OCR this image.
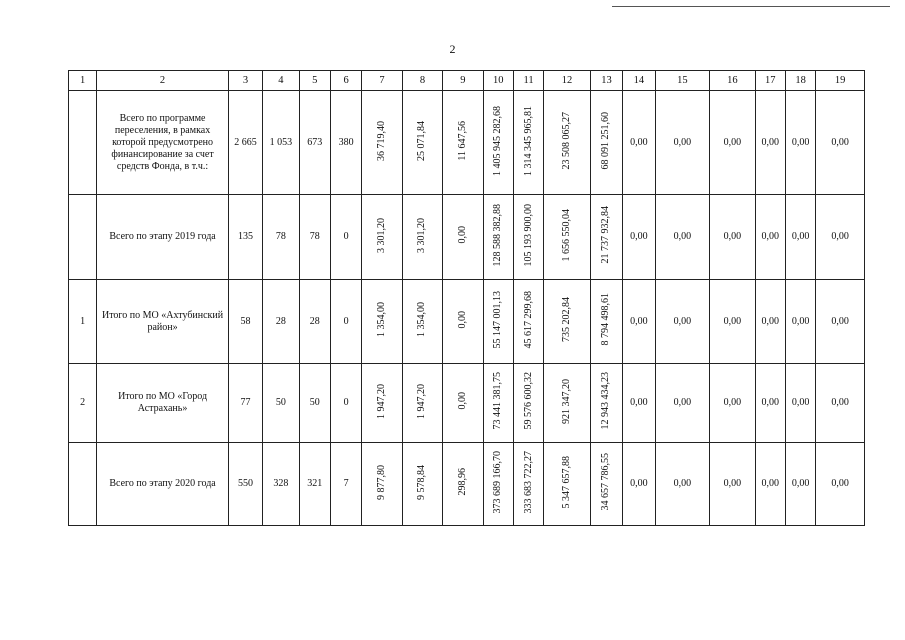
2
1	2	3	4	5	6	7	8	9	10	11	12	13	14	15	16	17	18	19
	Всего по программе переселения, в рамках которой предусмотрено финансирование за счет средств Фонда, в т.ч.:	2 665	1 053	673	380	36 719,40	25 071,84	11 647,56	1 405 945 282,68	1 314 345 965,81	23 508 065,27	68 091 251,60	0,00	0,00	0,00	0,00	0,00	0,00
	Всего по этапу 2019 года	135	78	78	0	3 301,20	3 301,20	0,00	128 588 382,88	105 193 900,00	1 656 550,04	21 737 932,84	0,00	0,00	0,00	0,00	0,00	0,00
1	Итого по МО «Ахтубинский район»	58	28	28	0	1 354,00	1 354,00	0,00	55 147 001,13	45 617 299,68	735 202,84	8 794 498,61	0,00	0,00	0,00	0,00	0,00	0,00
2	Итого по МО «Город Астрахань»	77	50	50	0	1 947,20	1 947,20	0,00	73 441 381,75	59 576 600,32	921 347,20	12 943 434,23	0,00	0,00	0,00	0,00	0,00	0,00
	Всего по этапу 2020 года	550	328	321	7	9 877,80	9 578,84	298,96	373 689 166,70	333 683 722,27	5 347 657,88	34 657 786,55	0,00	0,00	0,00	0,00	0,00	0,00
